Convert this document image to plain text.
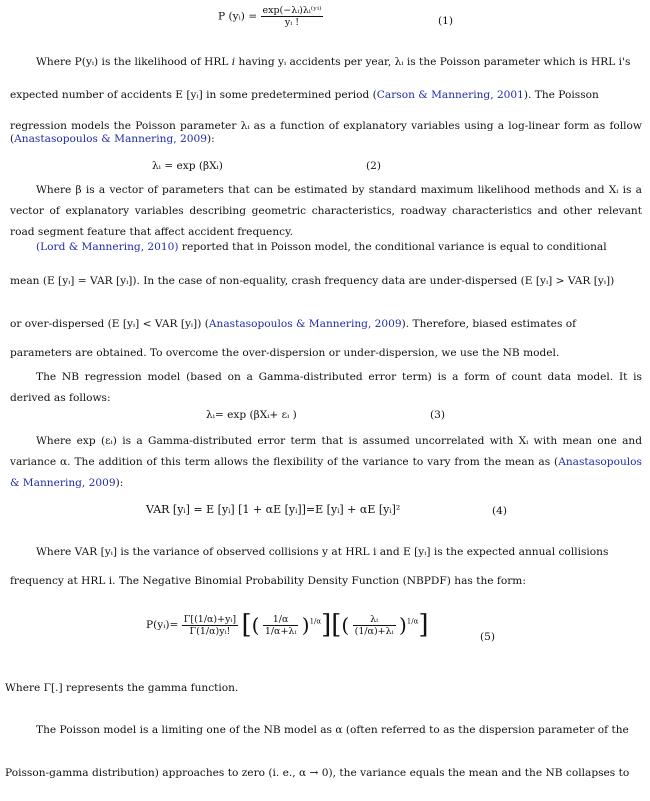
P (yᵢ) = $\frac{\text{exp(−λᵢ)λᵢ⁽ʸⁱ⁾}}{\text{yᵢ !}}$	(1)
Where P(yᵢ) is the likelihood of HRL i having yᵢ accidents per year, λᵢ is the Poisson parameter which is HRL i's
expected number of accidents E [yᵢ] in some predetermined period (Carson & Mannering, 2001). The Poisson
regression models the Poisson parameter λᵢ as a function of explanatory variables using a log-linear form as follow (Anastasopoulos & Mannering, 2009):
λᵢ = exp (βXᵢ)	(2)
Where β is a vector of parameters that can be estimated by standard maximum likelihood methods and Xᵢ is a vector of explanatory variables describing geometric characteristics, roadway characteristics and other relevant road segment feature that affect accident frequency.
(Lord & Mannering, 2010) reported that in Poisson model, the conditional variance is equal to conditional
mean (E [yᵢ] = VAR [yᵢ]). In the case of non-equality, crash frequency data are under-dispersed (E [yᵢ] > VAR [yᵢ])
or over-dispersed (E [yᵢ] < VAR [yᵢ]) (Anastasopoulos & Mannering, 2009). Therefore, biased estimates of
parameters are obtained. To overcome the over-dispersion or under-dispersion, we use the NB model.
The NB regression model (based on a Gamma-distributed error term) is a form of count data model. It is derived as follows:
λᵢ= exp (βXᵢ+ εᵢ )	(3)
Where exp (εᵢ) is a Gamma-distributed error term that is assumed uncorrelated with Xᵢ with mean one and variance α. The addition of this term allows the flexibility of the variance to vary from the mean as (Anastasopoulos & Mannering, 2009):
VAR [yᵢ] = E [yᵢ] [1 + αE [yᵢ]]=E [yᵢ] + αE [yᵢ]²	(4)
Where VAR [yᵢ] is the variance of observed collisions y at HRL i and E [yᵢ] is the expected annual collisions
frequency at HRL i. The Negative Binomial Probability Density Function (NBPDF) has the form:
P(yᵢ)= $\frac{\text{Γ[(1/α)+yᵢ]}}{\text{Γ(1/α)yᵢ!}}$ [( $\frac{1/\alpha}{\text{1/α+λᵢ}} )^{1/\alpha}][( \frac{\text{λᵢ}}{\text{(1/α)+λᵢ}} )^{1/\alpha}]$	(5)
Where Γ[.] represents the gamma function.
The Poisson model is a limiting one of the NB model as α (often referred to as the dispersion parameter of the
Poisson-gamma distribution) approaches to zero (i. e., α → 0), the variance equals the mean and the NB collapses to
